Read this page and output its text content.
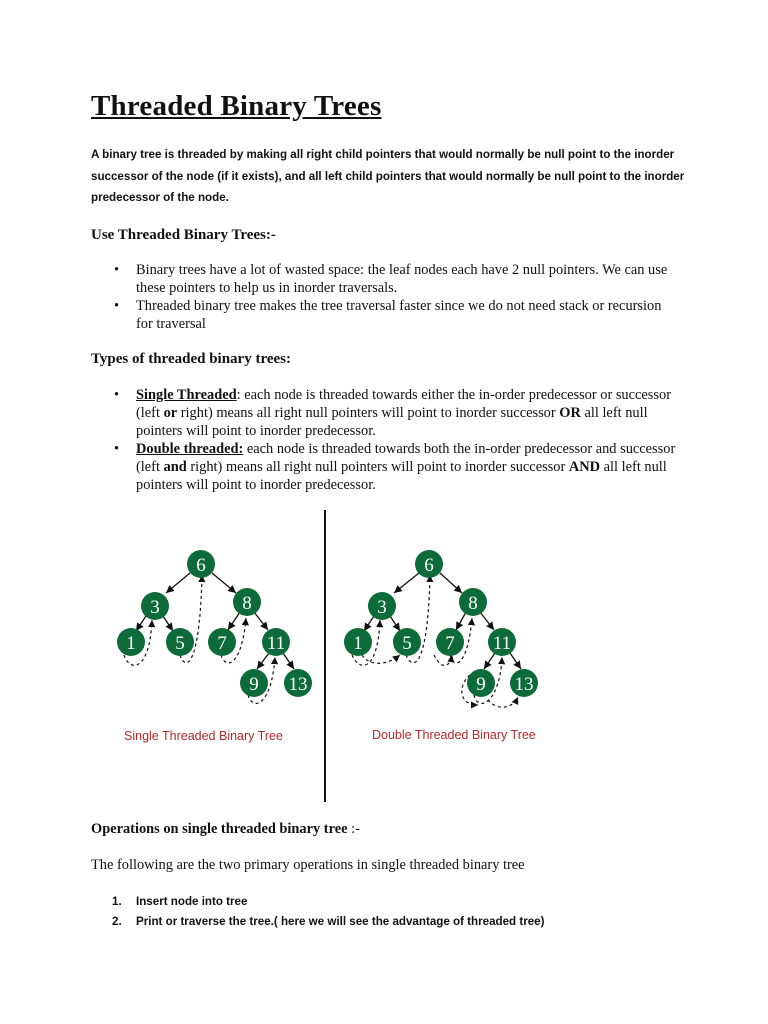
Threaded Binary Trees

A binary tree is threaded by making all right child pointers that would normally be null point to the inorder successor of the node (if it exists), and all left child pointers that would normally be null point to the inorder predecessor of the node.

Use Threaded Binary Trees:-
• Binary trees have a lot of wasted space: the leaf nodes each have 2 null pointers. We can use these pointers to help us in inorder traversals.
• Threaded binary tree makes the tree traversal faster since we do not need stack or recursion for traversal
Types of threaded binary trees:
• Single Threaded: each node is threaded towards either the in-order predecessor or successor (left or right) means all right null pointers will point to inorder successor OR all left null pointers will point to inorder predecessor.
• Double threaded: each node is threaded towards both the in-order predecessor and successor (left and right) means all right null pointers will point to inorder successor AND all left null pointers will point to inorder predecessor.
6
3	8
1 5 7 11
9 13
Single Threaded Binary Tree
6
3	8
1 5 7 11
9 13
Double Threaded Binary Tree

Operations on single threaded binary tree :-

The following are the two primary operations in single threaded binary tree

1. Insert node into tree
2. Print or traverse the tree.( here we will see the advantage of threaded tree)
